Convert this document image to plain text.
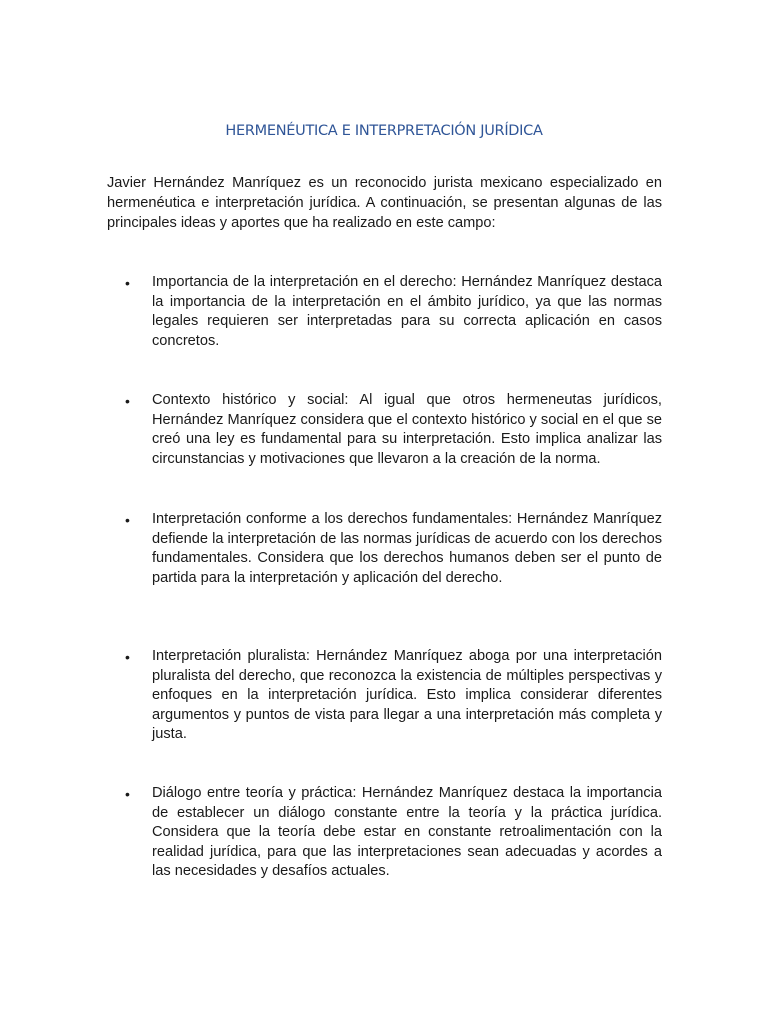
HERMENÉUTICA E INTERPRETACIÓN JURÍDICA

Javier Hernández Manríquez es un reconocido jurista mexicano especializado en hermenéutica e interpretación jurídica. A continuación, se presentan algunas de las principales ideas y aportes que ha realizado en este campo:

• Importancia de la interpretación en el derecho: Hernández Manríquez destaca la importancia de la interpretación en el ámbito jurídico, ya que las normas legales requieren ser interpretadas para su correcta aplicación en casos concretos.

• Contexto histórico y social: Al igual que otros hermeneutas jurídicos, Hernández Manríquez considera que el contexto histórico y social en el que se creó una ley es fundamental para su interpretación. Esto implica analizar las circunstancias y motivaciones que llevaron a la creación de la norma.

• Interpretación conforme a los derechos fundamentales: Hernández Manríquez defiende la interpretación de las normas jurídicas de acuerdo con los derechos fundamentales. Considera que los derechos humanos deben ser el punto de partida para la interpretación y aplicación del derecho.

• Interpretación pluralista: Hernández Manríquez aboga por una interpretación pluralista del derecho, que reconozca la existencia de múltiples perspectivas y enfoques en la interpretación jurídica. Esto implica considerar diferentes argumentos y puntos de vista para llegar a una interpretación más completa y justa.

• Diálogo entre teoría y práctica: Hernández Manríquez destaca la importancia de establecer un diálogo constante entre la teoría y la práctica jurídica. Considera que la teoría debe estar en constante retroalimentación con la realidad jurídica, para que las interpretaciones sean adecuadas y acordes a las necesidades y desafíos actuales.
